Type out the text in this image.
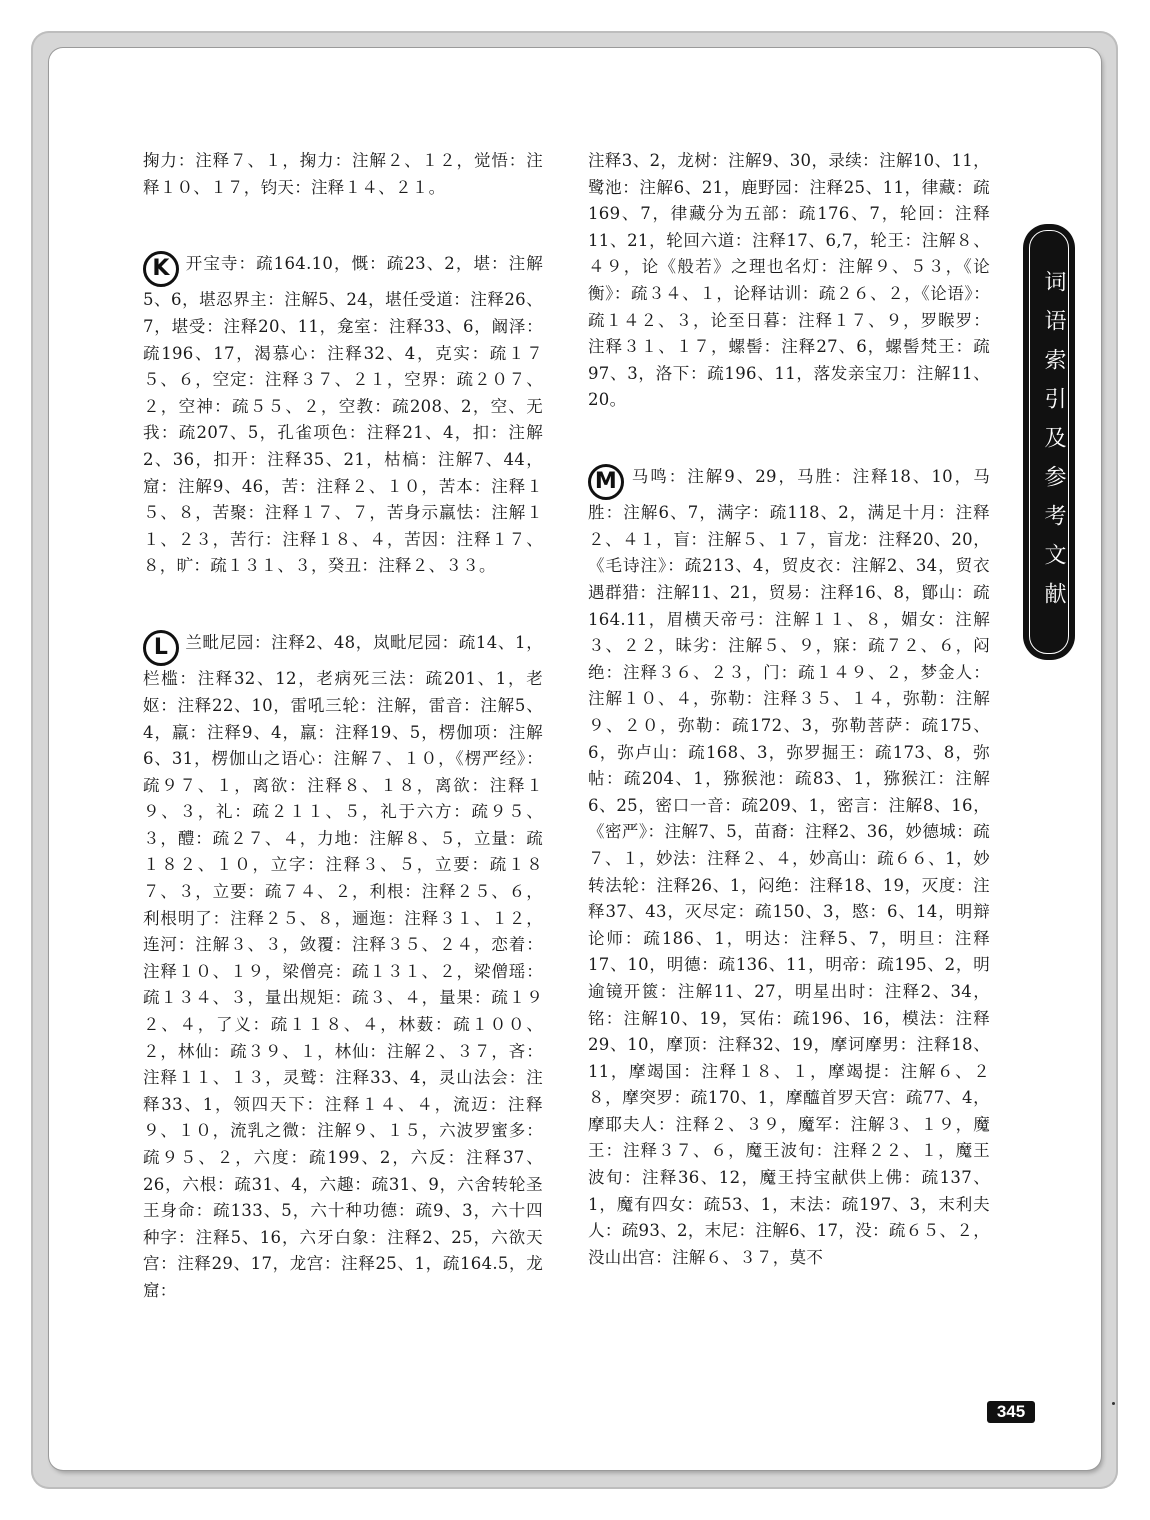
掬力：注释７、１，掬力：注解２、１２，觉悟：注释１０、１７，钧天：注释１４、２１。

K 开宝寺：疏164.10，慨：疏23、2，堪：注解5、6，堪忍界主：注解5、24，堪任受道：注释26、7，堪受：注释20、11，龛室：注释33、6，阚泽：疏196、17，渴慕心：注释32、4，克实：疏１７５、６，空定：注释３７、２１，空界：疏２０７、２，空神：疏５５、２，空教：疏208、2，空、无我：疏207、5，孔雀项色：注释21、4，扣：注解2、36，扣开：注释35、21，枯槁：注解7、44，窟：注解9、46，苦：注释２、１０，苦本：注释１５、８，苦聚：注释１７、７，苦身示羸怯：注解１１、２３，苦行：注释１８、４，苦因：注释１７、８，旷：疏１３１、３，癸丑：注释２、３３。

L 兰毗尼园：注释2、48，岚毗尼园：疏14、1，栏槛：注释32、12，老病死三法：疏201、1，老妪：注释22、10，雷吼三轮：注解，雷音：注解5、4，羸：注释9、4，羸：注释19、5，楞伽项：注解6、31，楞伽山之语心：注解７、１０，《楞严经》：疏９７、１，离欲：注释８、１８，离欲：注释１９、３，礼：疏２１１、５，礼于六方：疏９５、３，醴：疏２７、４，力地：注解８、５，立量：疏１８２、１０，立字：注释３、５，立要：疏１８７、３，立要：疏７４、２，利根：注释２５、６，利根明了：注释２５、８，逦迤：注释３１、１２，连河：注解３、３，敛覆：注释３５、２４，恋着：注释１０、１９，梁僧亮：疏１３１、２，梁僧瑶：疏１３４、３，量出规矩：疏３、４，量果：疏１９２、４，了义：疏１１８、４，林薮：疏１００、２，林仙：疏３９、１，林仙：注解２、３７，吝：注释１１、１３，灵鹫：注释33、4，灵山法会：注释33、1，领四天下：注释１４、４，流迈：注释９、１０，流乳之微：注解９、１５，六波罗蜜多：疏９５、２，六度：疏199、2，六反：注释37、26，六根：疏31、4，六趣：疏31、9，六舍转轮圣王身命：疏133、5，六十种功德：疏9、3，六十四种字：注释5、16，六牙白象：注释2、25，六欲天宫：注释29、17，龙宫：注释25、1，疏164.5，龙窟：

注释3、2，龙树：注解9、30，录续：注解10、11，鹭池：注解6、21，鹿野园：注释25、11，律藏：疏169、7，律藏分为五部：疏176、7，轮回：注释11、21，轮回六道：注释17、6,7，轮王：注解８、４９，论《般若》之理也名灯：注解９、５３，《论衡》：疏３４、１，论释诂训：疏２６、２，《论语》：疏１４２、３，论至日暮：注释１７、９，罗睺罗：注释３１、１７，螺髻：注释27、6，螺髻梵王：疏97、3，洛下：疏196、11，落发亲宝刀：注解11、20。

M 马鸣：注解9、29，马胜：注释18、10，马胜：注解6、7，满字：疏118、2，满足十月：注释２、４１，盲：注解５、１７，盲龙：注释20、20，《毛诗注》：疏213、4，贸皮衣：注解2、34，贸衣遇群猎：注解11、21，贸易：注释16、8，鄮山：疏164.11，眉横天帝弓：注解１１、８，媚女：注解３、２２，昧劣：注解５、９，寐：疏７２、６，闷绝：注释３６、２３，门：疏１４９、２，梦金人：注解１０、４，弥勒：注释３５、１４，弥勒：注解９、２０，弥勒：疏172、3，弥勒菩萨：疏175、6，弥卢山：疏168、3，弥罗掘王：疏173、8，弥帖：疏204、1，猕猴池：疏83、1，猕猴江：注解6、25，密口一音：疏209、1，密言：注解8、16，《密严》：注解7、5，苗裔：注释2、36，妙德城：疏７、１，妙法：注释２、４，妙高山：疏６６、1，妙转法轮：注释26、1，闷绝：注释18、19，灭度：注释37、43，灭尽定：疏150、3，愍：6、14，明辩论师：疏186、1，明达：注释5、7，明旦：注释17、10，明德：疏136、11，明帝：疏195、2，明逾镜开篋：注解11、27，明星出时：注释2、34，铭：注解10、19，冥佑：疏196、16，模法：注释29、10，摩顶：注释32、19，摩诃摩男：注释18、11，摩竭国：注释１８、１，摩竭提：注解６、２８，摩突罗：疏170、1，摩醯首罗天宫：疏77、4，摩耶夫人：注释２、３９，魔军：注解３、１９，魔王：注释３７、６，魔王波旬：注释２２、１，魔王波旬：注释36、12，魔王持宝献供上佛：疏137、1，魔有四女：疏53、1，末法：疏197、3，末利夫人：疏93、2，末尼：注解6、17，没：疏６５、２，没山出宫：注解６、３７，莫不

词语索引及参考文献
345
